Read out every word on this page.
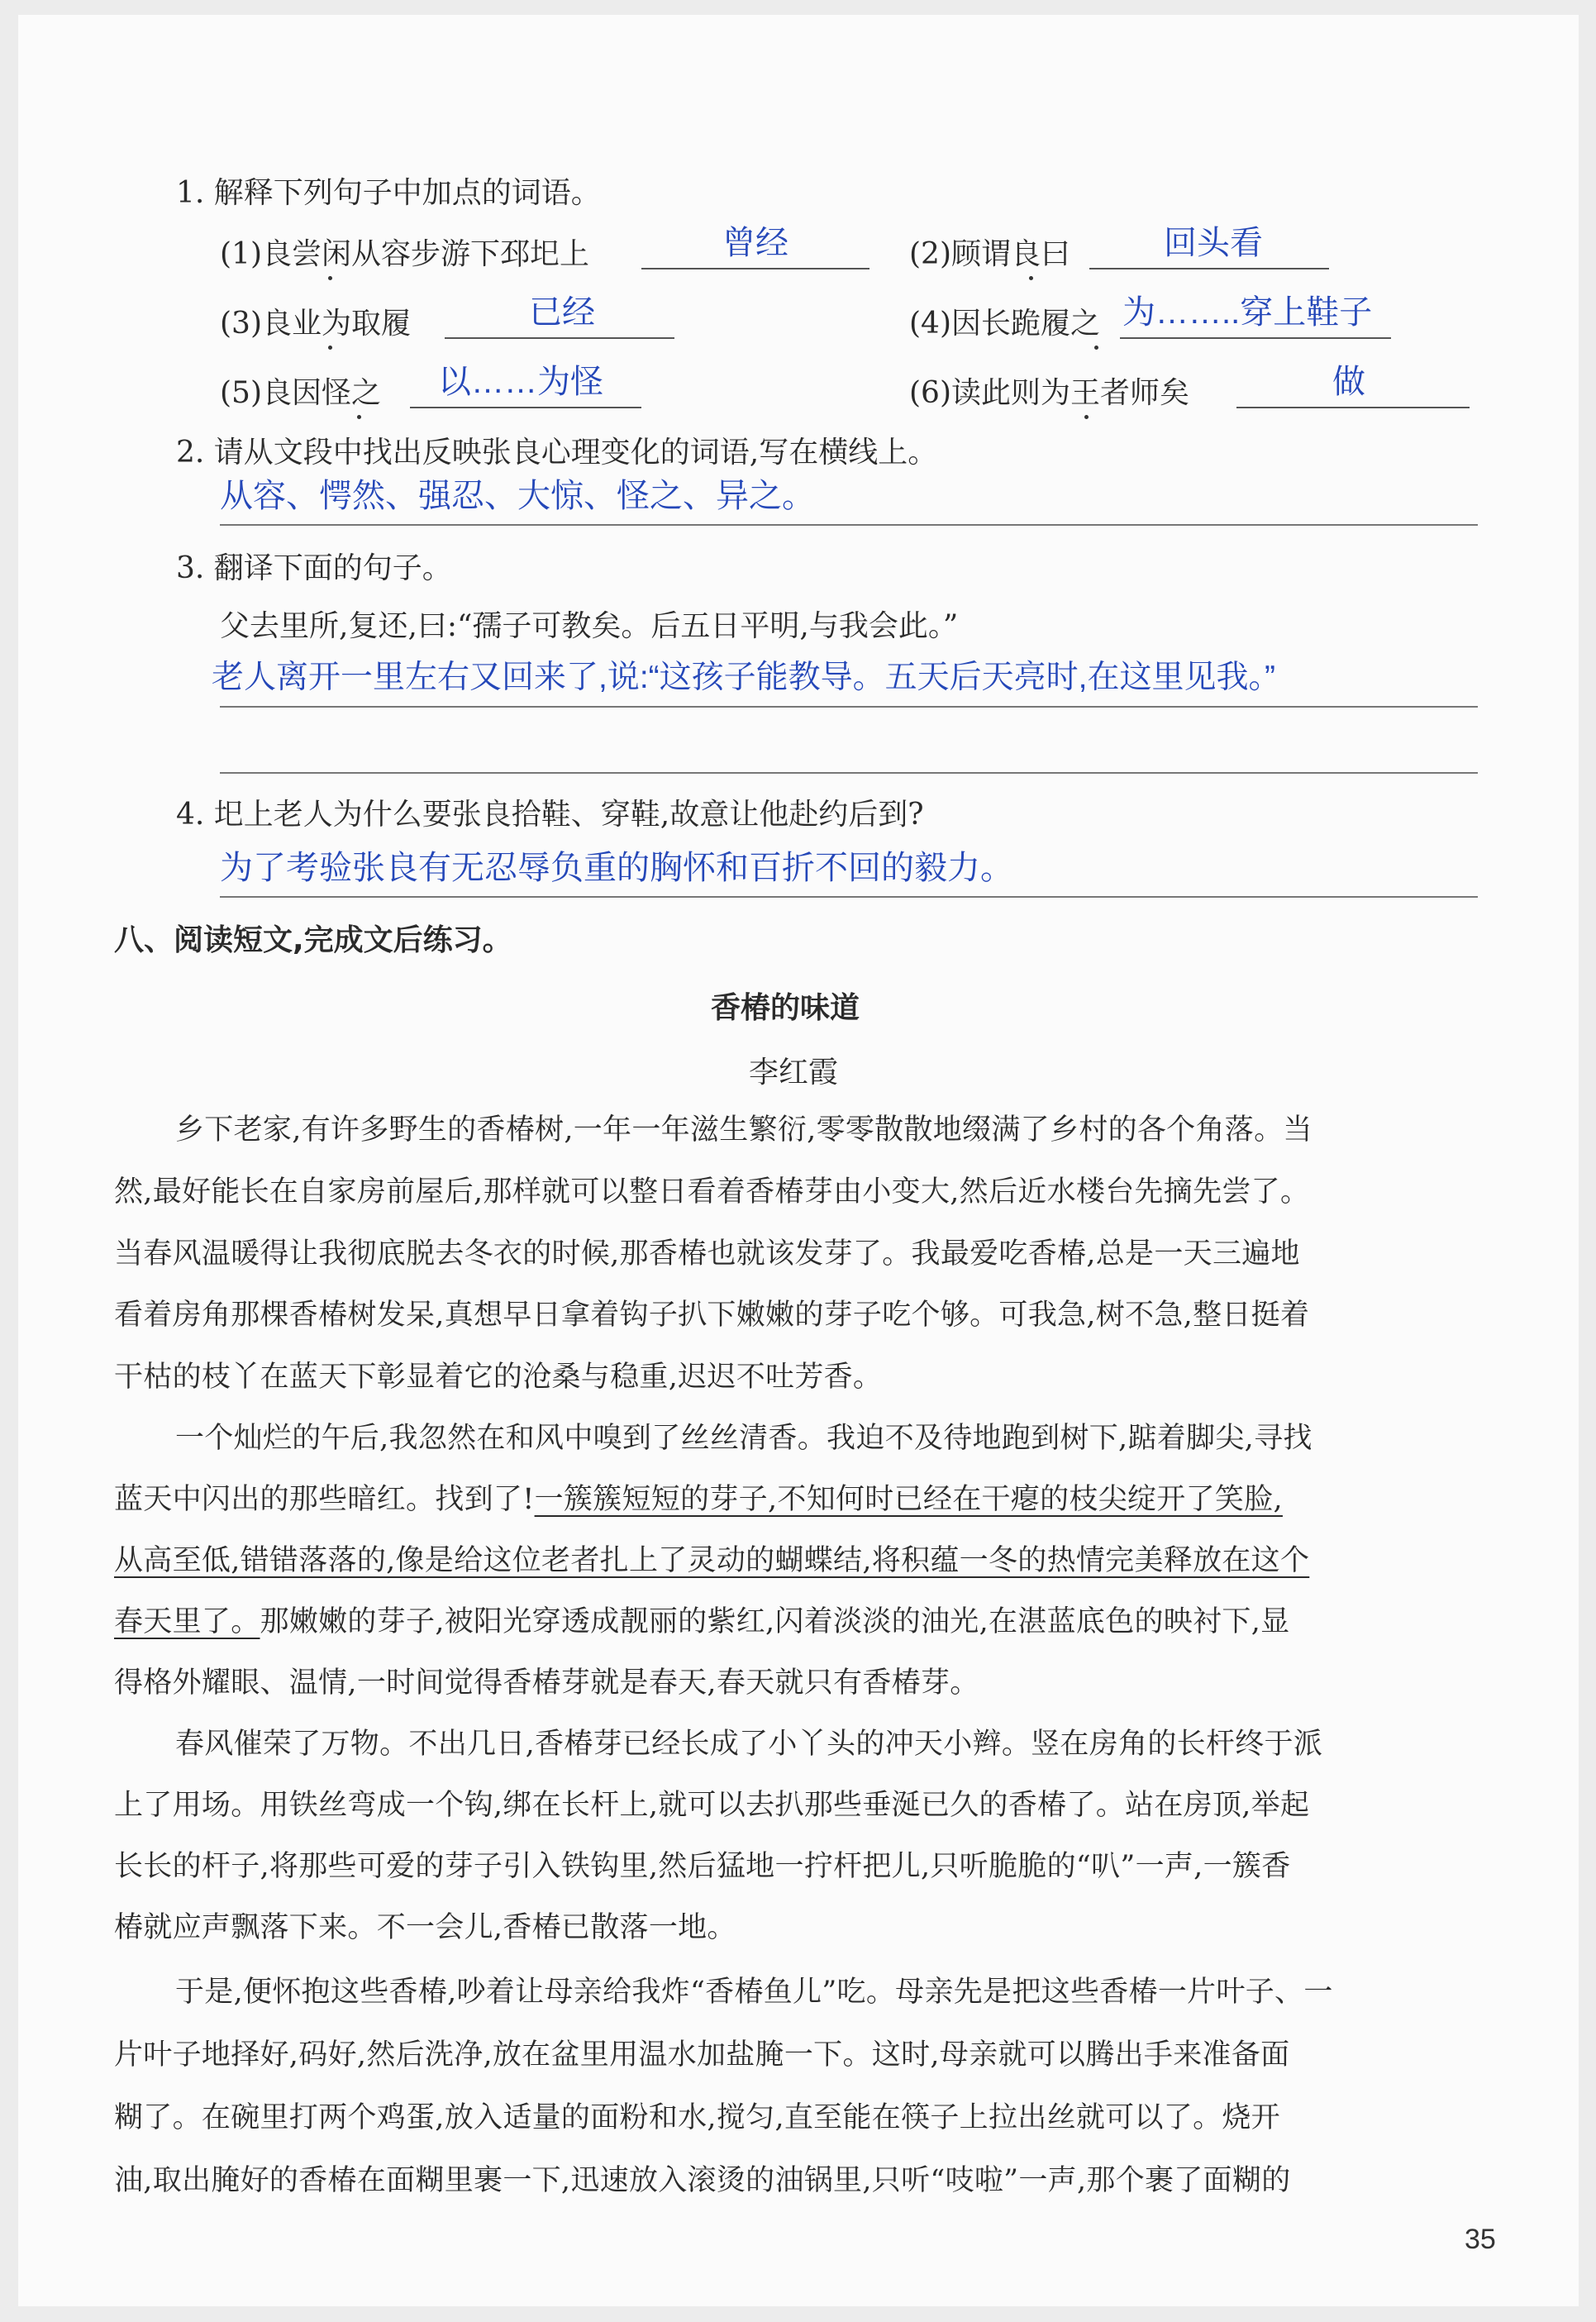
1. 解释下列句子中加点的词语。
(1)良尝闲从容步游下邳圯上	曾经	(2)顾谓良曰	回头看
(3)良业为取履	已经	(4)因长跪履之 为……..穿上鞋子
(5)良因怪之 以……为怪	(6)读此则为王者师矣	做
2. 请从文段中找出反映张良心理变化的词语,写在横线上。
从容、愕然、强忍、大惊、怪之、异之。
3. 翻译下面的句子。
父去里所,复还,曰:“孺子可教矣。后五日平明,与我会此。”
老人离开一里左右又回来了,说:“这孩子能教导。五天后天亮时,在这里见我。”
4. 圯上老人为什么要张良拾鞋、穿鞋,故意让他赴约后到?
为了考验张良有无忍辱负重的胸怀和百折不回的毅力。
八、阅读短文,完成文后练习。
香椿的味道
李红霞
乡下老家,有许多野生的香椿树,一年一年滋生繁衍,零零散散地缀满了乡村的各个角落。当
然,最好能长在自家房前屋后,那样就可以整日看着香椿芽由小变大,然后近水楼台先摘先尝了。
当春风温暖得让我彻底脱去冬衣的时候,那香椿也就该发芽了。我最爱吃香椿,总是一天三遍地
看着房角那棵香椿树发呆,真想早日拿着钩子扒下嫩嫩的芽子吃个够。可我急,树不急,整日挺着
干枯的枝丫在蓝天下彰显着它的沧桑与稳重,迟迟不吐芳香。
一个灿烂的午后,我忽然在和风中嗅到了丝丝清香。我迫不及待地跑到树下,踮着脚尖,寻找
蓝天中闪出的那些暗红。找到了!一簇簇短短的芽子,不知何时已经在干瘪的枝尖绽开了笑脸,
从高至低,错错落落的,像是给这位老者扎上了灵动的蝴蝶结,将积蕴一冬的热情完美释放在这个
春天里了。那嫩嫩的芽子,被阳光穿透成靓丽的紫红,闪着淡淡的油光,在湛蓝底色的映衬下,显
得格外耀眼、温情,一时间觉得香椿芽就是春天,春天就只有香椿芽。
春风催荣了万物。不出几日,香椿芽已经长成了小丫头的冲天小辫。竖在房角的长杆终于派
上了用场。用铁丝弯成一个钩,绑在长杆上,就可以去扒那些垂涎已久的香椿了。站在房顶,举起
长长的杆子,将那些可爱的芽子引入铁钩里,然后猛地一拧杆把儿,只听脆脆的“叭”一声,一簇香
椿就应声飘落下来。不一会儿,香椿已散落一地。
于是,便怀抱这些香椿,吵着让母亲给我炸“香椿鱼儿”吃。母亲先是把这些香椿一片叶子、一
片叶子地择好,码好,然后洗净,放在盆里用温水加盐腌一下。这时,母亲就可以腾出手来准备面
糊了。在碗里打两个鸡蛋,放入适量的面粉和水,搅匀,直至能在筷子上拉出丝就可以了。烧开
油,取出腌好的香椿在面糊里裹一下,迅速放入滚烫的油锅里,只听“吱啦”一声,那个裹了面糊的
35
